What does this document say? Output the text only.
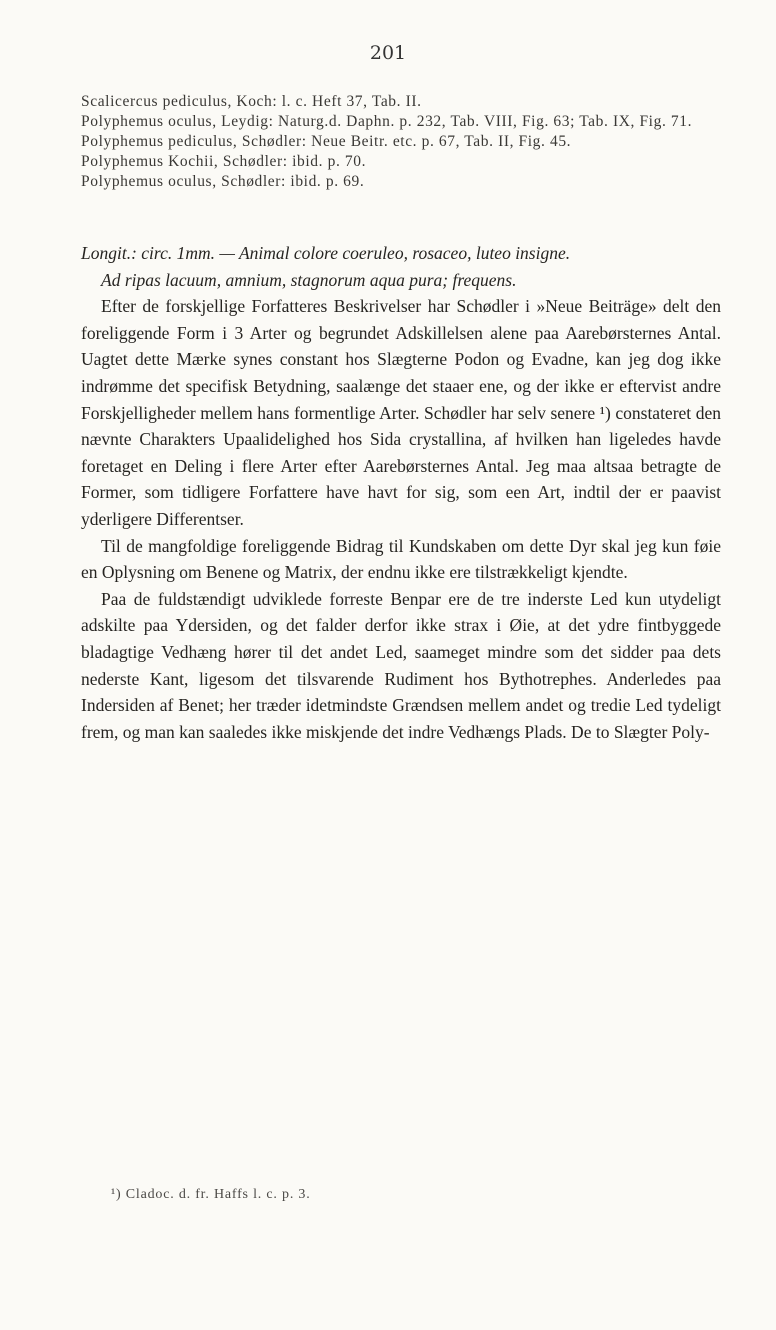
201

Scalicercus pediculus, Koch: l. c. Heft 37, Tab. II.

Polyphemus oculus, Leydig: Naturg.d. Daphn. p. 232, Tab. VIII, Fig. 63; Tab. IX, Fig. 71.

Polyphemus pediculus, Schødler: Neue Beitr. etc. p. 67, Tab. II, Fig. 45.

Polyphemus Kochii, Schødler: ibid. p. 70.

Polyphemus oculus, Schødler: ibid. p. 69.

Longit.: circ. 1mm. — Animal colore coeruleo, rosaceo, luteo insigne.

Ad ripas lacuum, amnium, stagnorum aqua pura; frequens.

Efter de forskjellige Forfatteres Beskrivelser har Schødler i »Neue Beiträge» delt den foreliggende Form i 3 Arter og begrundet Adskillelsen alene paa Aarebørsternes Antal. Uagtet dette Mærke synes constant hos Slægterne Podon og Evadne, kan jeg dog ikke indrømme det specifisk Betydning, saalænge det staaer ene, og der ikke er eftervist andre Forskjelligheder mellem hans formentlige Arter. Schødler har selv senere ¹) constateret den nævnte Charakters Upaalidelighed hos Sida crystallina, af hvilken han ligeledes havde foretaget en Deling i flere Arter efter Aarebørsternes Antal. Jeg maa altsaa betragte de Former, som tidligere Forfattere have havt for sig, som een Art, indtil der er paavist yderligere Differentser.

Til de mangfoldige foreliggende Bidrag til Kundskaben om dette Dyr skal jeg kun føie en Oplysning om Benene og Matrix, der endnu ikke ere tilstrækkeligt kjendte.

Paa de fuldstændigt udviklede forreste Benpar ere de tre inderste Led kun utydeligt adskilte paa Ydersiden, og det falder derfor ikke strax i Øie, at det ydre fintbyggede bladagtige Vedhæng hører til det andet Led, saameget mindre som det sidder paa dets nederste Kant, ligesom det tilsvarende Rudiment hos Bythotrephes. Anderledes paa Indersiden af Benet; her træder idetmindste Grændsen mellem andet og tredie Led tydeligt frem, og man kan saaledes ikke miskjende det indre Vedhængs Plads. De to Slægter Poly-

¹) Cladoc. d. fr. Haffs l. c. p. 3.
